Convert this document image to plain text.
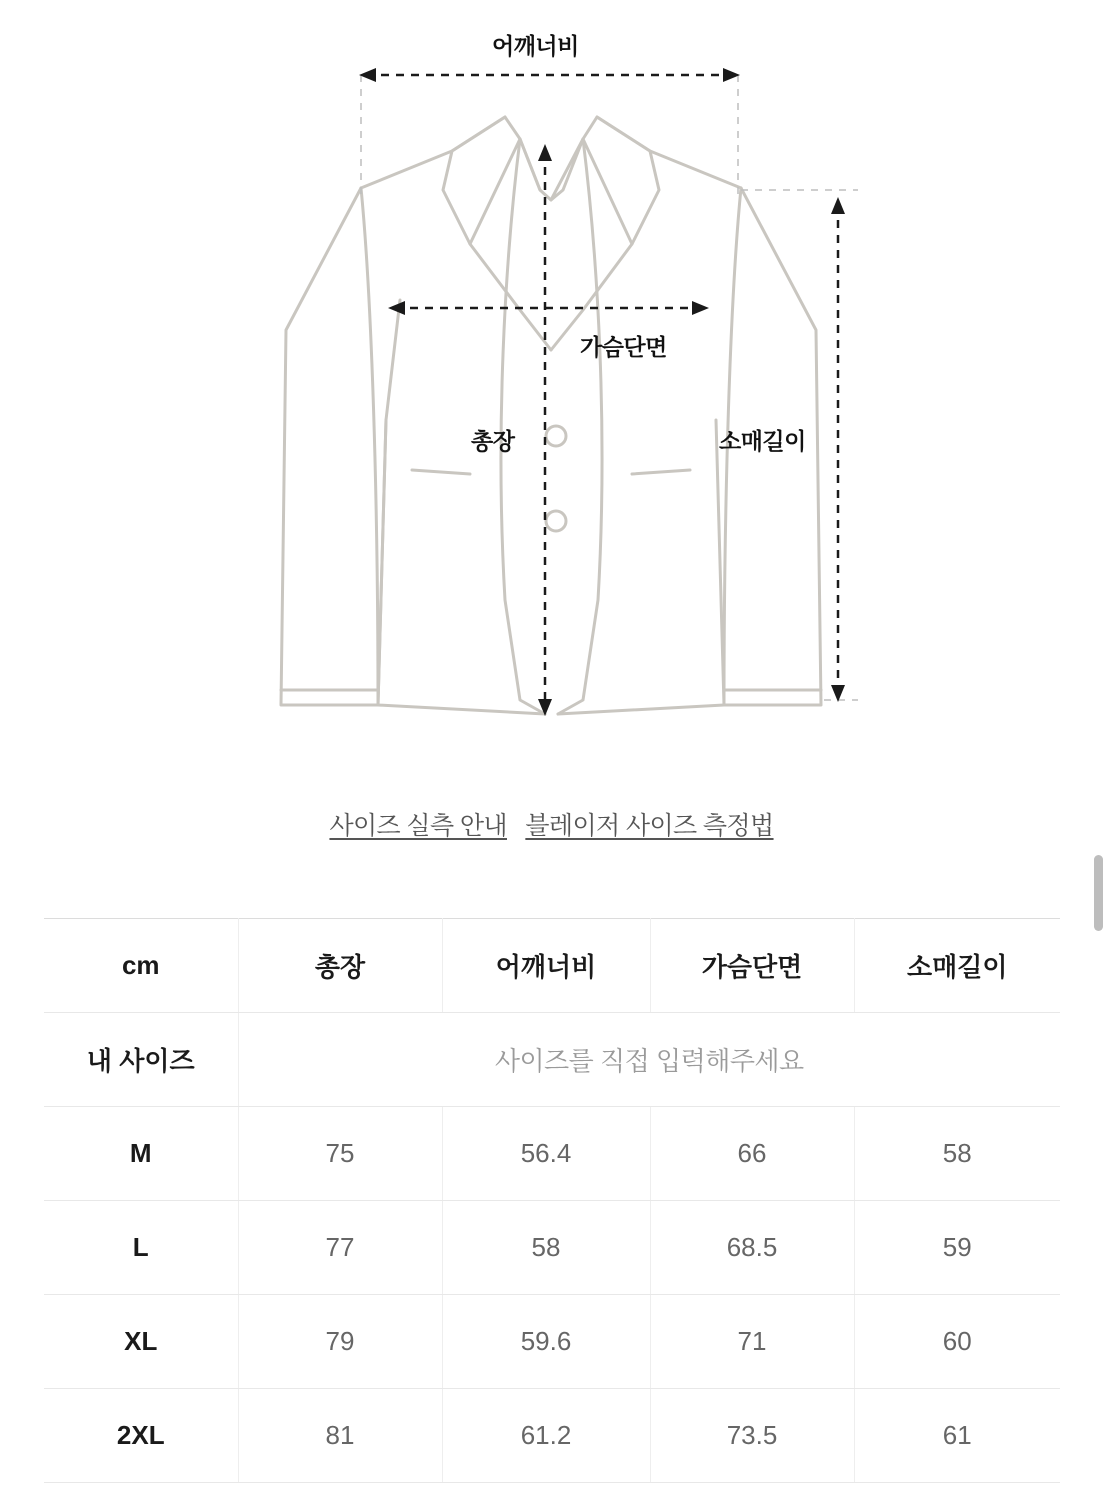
어깨너비
가슴단면
총장	소매길이
사이즈 실측 안내 블레이저 사이즈 측정법
cm	총장	어깨너비	가슴단면	소매길이
내 사이즈	사이즈를 직접 입력해주세요			
M	75	56.4	66	58
L	77	58	68.5	59
XL	79	59.6	71	60
2XL	81	61.2	73.5	61
